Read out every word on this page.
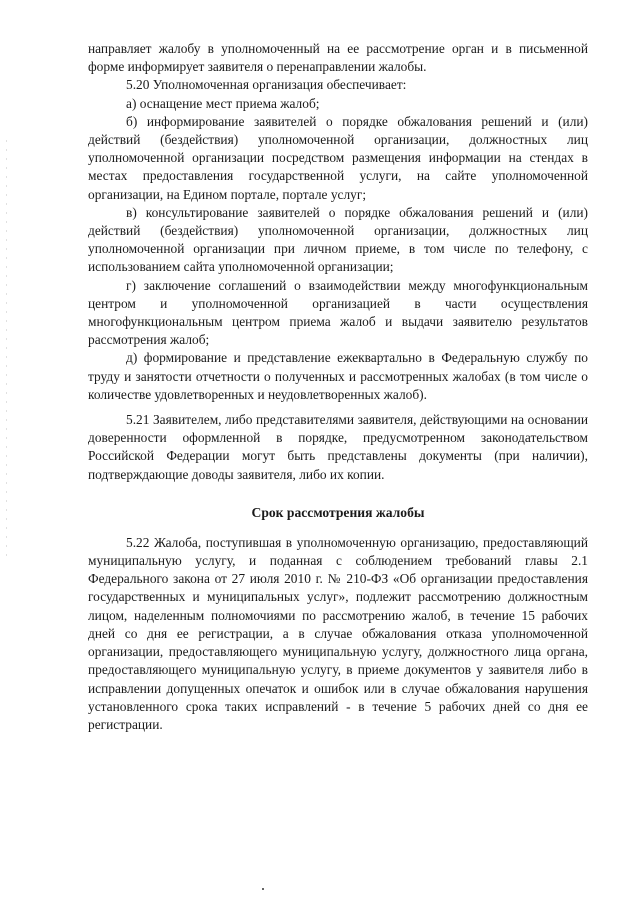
направляет жалобу в уполномоченный на ее рассмотрение орган и в письменной форме информирует заявителя о перенаправлении жалобы.

5.20 Уполномоченная организация обеспечивает:

а) оснащение мест приема жалоб;

б) информирование заявителей о порядке обжалования решений и (или) действий (бездействия) уполномоченной организации, должностных лиц уполномоченной организации посредством размещения информации на стендах в местах предоставления государственной услуги, на сайте уполномоченной организации, на Едином портале, портале услуг;

в) консультирование заявителей о порядке обжалования решений и (или) действий (бездействия) уполномоченной организации, должностных лиц уполномоченной организации при личном приеме, в том числе по телефону, с использованием сайта уполномоченной организации;

г) заключение соглашений о взаимодействии между многофункциональным центром и уполномоченной организацией в части осуществления многофункциональным центром приема жалоб и выдачи заявителю результатов рассмотрения жалоб;

д) формирование и представление ежеквартально в Федеральную службу по труду и занятости отчетности о полученных и рассмотренных жалобах (в том числе о количестве удовлетворенных и неудовлетворенных жалоб).

5.21 Заявителем, либо представителями заявителя, действующими на основании доверенности оформленной в порядке, предусмотренном законодательством Российской Федерации могут быть представлены документы (при наличии), подтверждающие доводы заявителя, либо их копии.

Срок рассмотрения жалобы

5.22 Жалоба, поступившая в уполномоченную организацию, предоставляющий муниципальную услугу, и поданная с соблюдением требований главы 2.1 Федерального закона от 27 июля 2010 г. № 210-ФЗ «Об организации предоставления государственных и муниципальных услуг», подлежит рассмотрению должностным лицом, наделенным полномочиями по рассмотрению жалоб, в течение 15 рабочих дней со дня ее регистрации, а в случае обжалования отказа уполномоченной организации, предоставляющего муниципальную услугу, должностного лица органа, предоставляющего муниципальную услугу, в приеме документов у заявителя либо в исправлении допущенных опечаток и ошибок или в случае обжалования нарушения установленного срока таких исправлений - в течение 5 рабочих дней со дня ее регистрации.
